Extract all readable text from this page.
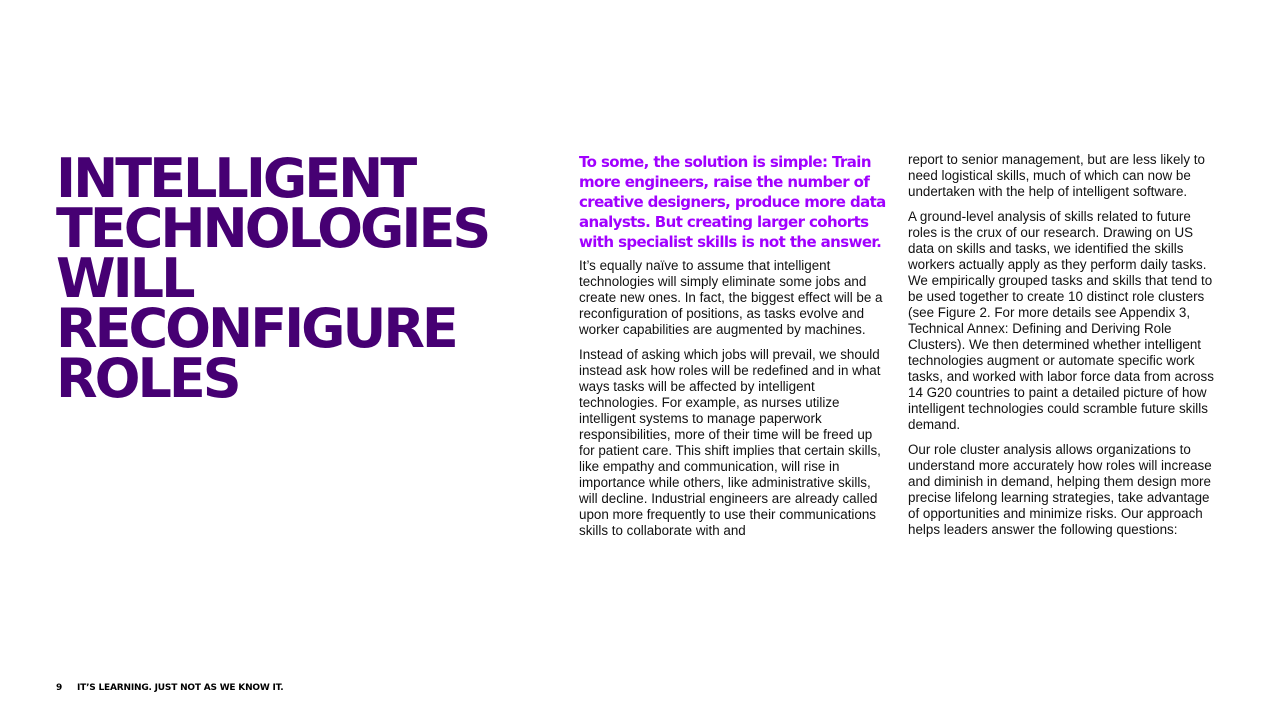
INTELLIGENT
TECHNOLOGIES
WILL
RECONFIGURE
ROLES

To some, the solution is simple: Train more engineers, raise the number of creative designers, produce more data analysts. But creating larger cohorts with specialist skills is not the answer.

It’s equally naïve to assume that intelligent technologies will simply eliminate some jobs and create new ones. In fact, the biggest effect will be a reconfiguration of positions, as tasks evolve and worker capabilities are augmented by machines.

Instead of asking which jobs will prevail, we should instead ask how roles will be redefined and in what ways tasks will be affected by intelligent technologies. For example, as nurses utilize intelligent systems to manage paperwork responsibilities, more of their time will be freed up for patient care. This shift implies that certain skills, like empathy and communication, will rise in importance while others, like administrative skills, will decline. Industrial engineers are already called upon more frequently to use their communications skills to collaborate with and

report to senior management, but are less likely to need logistical skills, much of which can now be undertaken with the help of intelligent software.

A ground-level analysis of skills related to future roles is the crux of our research. Drawing on US data on skills and tasks, we identified the skills workers actually apply as they perform daily tasks. We empirically grouped tasks and skills that tend to be used together to create 10 distinct role clusters (see Figure 2. For more details see Appendix 3, Technical Annex: Defining and Deriving Role Clusters). We then determined whether intelligent technologies augment or automate specific work tasks, and worked with labor force data from across 14 G20 countries to paint a detailed picture of how intelligent technologies could scramble future skills demand.

Our role cluster analysis allows organizations to understand more accurately how roles will increase and diminish in demand, helping them design more precise lifelong learning strategies, take advantage of opportunities and minimize risks. Our approach helps leaders answer the following questions:

9 IT’S LEARNING. JUST NOT AS WE KNOW IT.
